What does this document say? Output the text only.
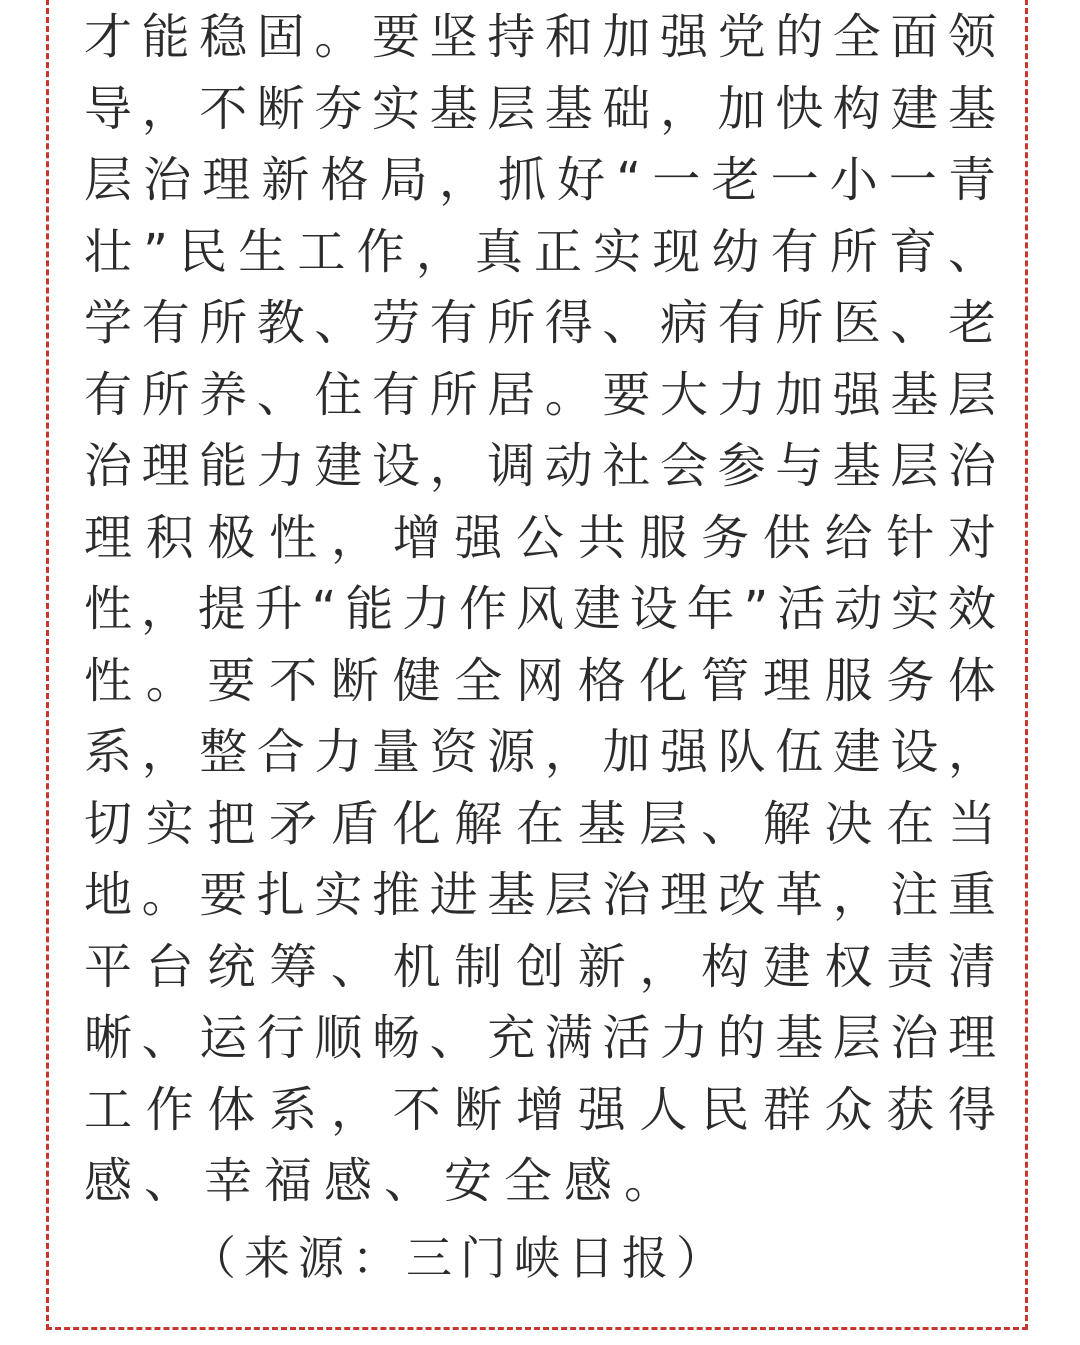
才能稳固。要坚持和加强党的全面领
导，不断夯实基层基础，加快构建基
层治理新格局，抓好“一老一小一青
壮”民生工作，真正实现幼有所育、
学有所教、劳有所得、病有所医、老
有所养、住有所居。要大力加强基层
治理能力建设，调动社会参与基层治
理积极性，增强公共服务供给针对
性，提升“能力作风建设年”活动实效
性。要不断健全网格化管理服务体
系，整合力量资源，加强队伍建设，
切实把矛盾化解在基层、解决在当
地。要扎实推进基层治理改革，注重
平台统筹、机制创新，构建权责清
晰、运行顺畅、充满活力的基层治理
工作体系，不断增强人民群众获得
感、幸福感、安全感。
（来源：三门峡日报）
